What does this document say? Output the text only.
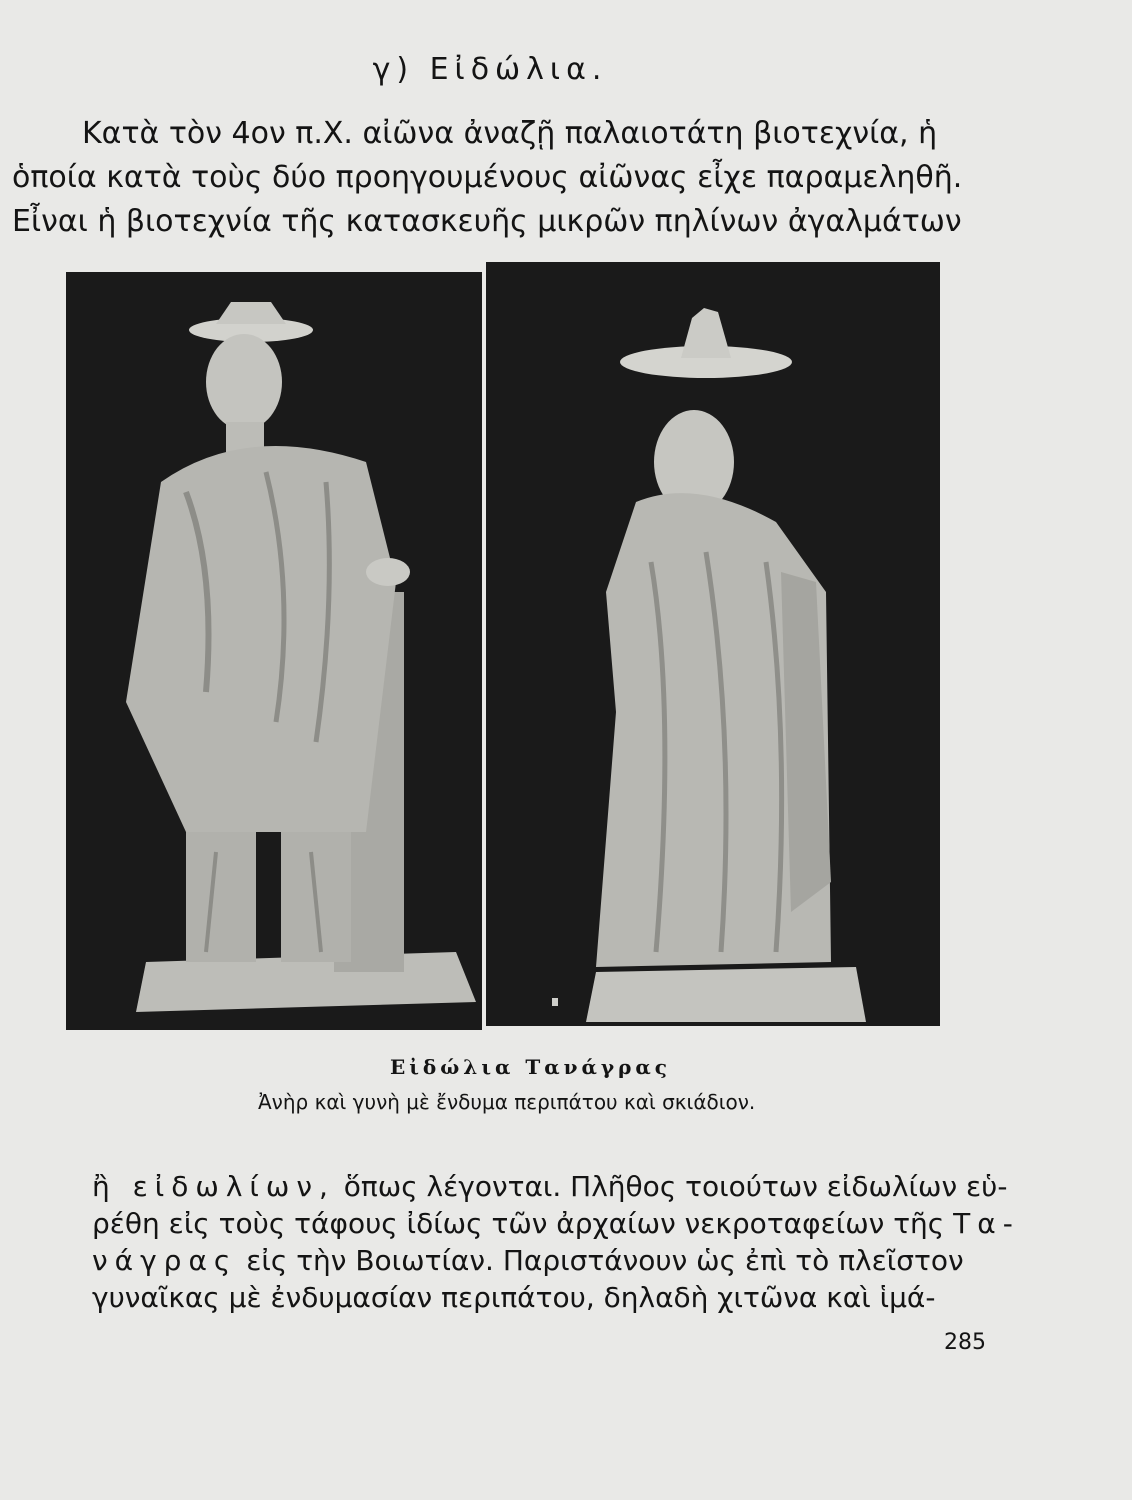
γ) Εἰδώλια.
Κατὰ τὸν 4ον π.Χ. αἰῶνα ἀναζῇ παλαιοτάτη βιοτεχνία, ἡ
ὁποία κατὰ τοὺς δύο προηγουμένους αἰῶνας εἶχε παραμεληθῆ.
Εἶναι ἡ βιοτεχνία τῆς κατασκευῆς μικρῶν πηλίνων ἀγαλμάτων
Εἰδώλια Τανάγρας
Ἀνὴρ καὶ γυνὴ μὲ ἔνδυμα περιπάτου καὶ σκιάδιον.
ἢ εἰδωλίων, ὅπως λέγονται. Πλῆθος τοιούτων εἰδωλίων εὑ-
ρέθη εἰς τοὺς τάφους ἰδίως τῶν ἀρχαίων νεκροταφείων τῆς Τα-
νάγρας εἰς τὴν Βοιωτίαν. Παριστάνουν ὡς ἐπὶ τὸ πλεῖστον
γυναῖκας μὲ ἐνδυμασίαν περιπάτου, δηλαδὴ χιτῶνα καὶ ἱμά-
285
